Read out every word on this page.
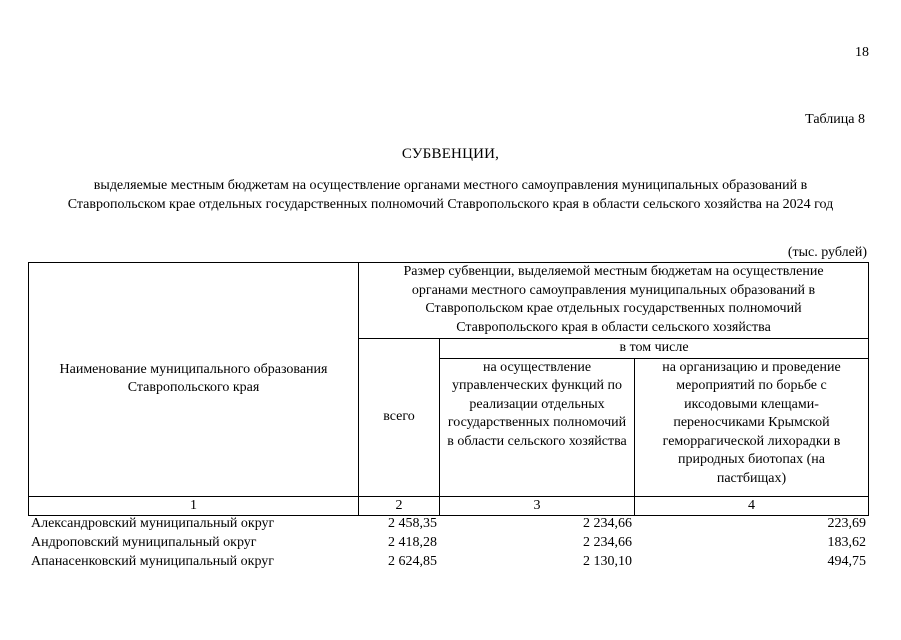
18
Таблица 8
СУБВЕНЦИИ,
выделяемые местным бюджетам на осуществление органами местного самоуправления муниципальных образований в
Ставропольском крае отдельных государственных полномочий Ставропольского края в области сельского хозяйства на 2024 год
(тыс. рублей)
Наименование муниципального образования Ставропольского края	Размер субвенции, выделяемой местным бюджетам на осуществление органами местного самоуправления муниципальных образований в Ставропольском крае отдельных государственных полномочий Ставропольского края в области сельского хозяйства		
	всего	в том числе	
		на осуществление управленческих функций по реализации отдельных государственных полномочий в области сельского хозяйства	на организацию и проведение мероприятий по борьбе с иксодовыми клещами-переносчиками Крымской геморрагической лихорадки в природных биотопах (на пастбищах)
1	2	3	4
Александровский муниципальный округ	2 458,35	2 234,66	223,69
Андроповский муниципальный округ	2 418,28	2 234,66	183,62
Апанасенковский муниципальный округ	2 624,85	2 130,10	494,75
